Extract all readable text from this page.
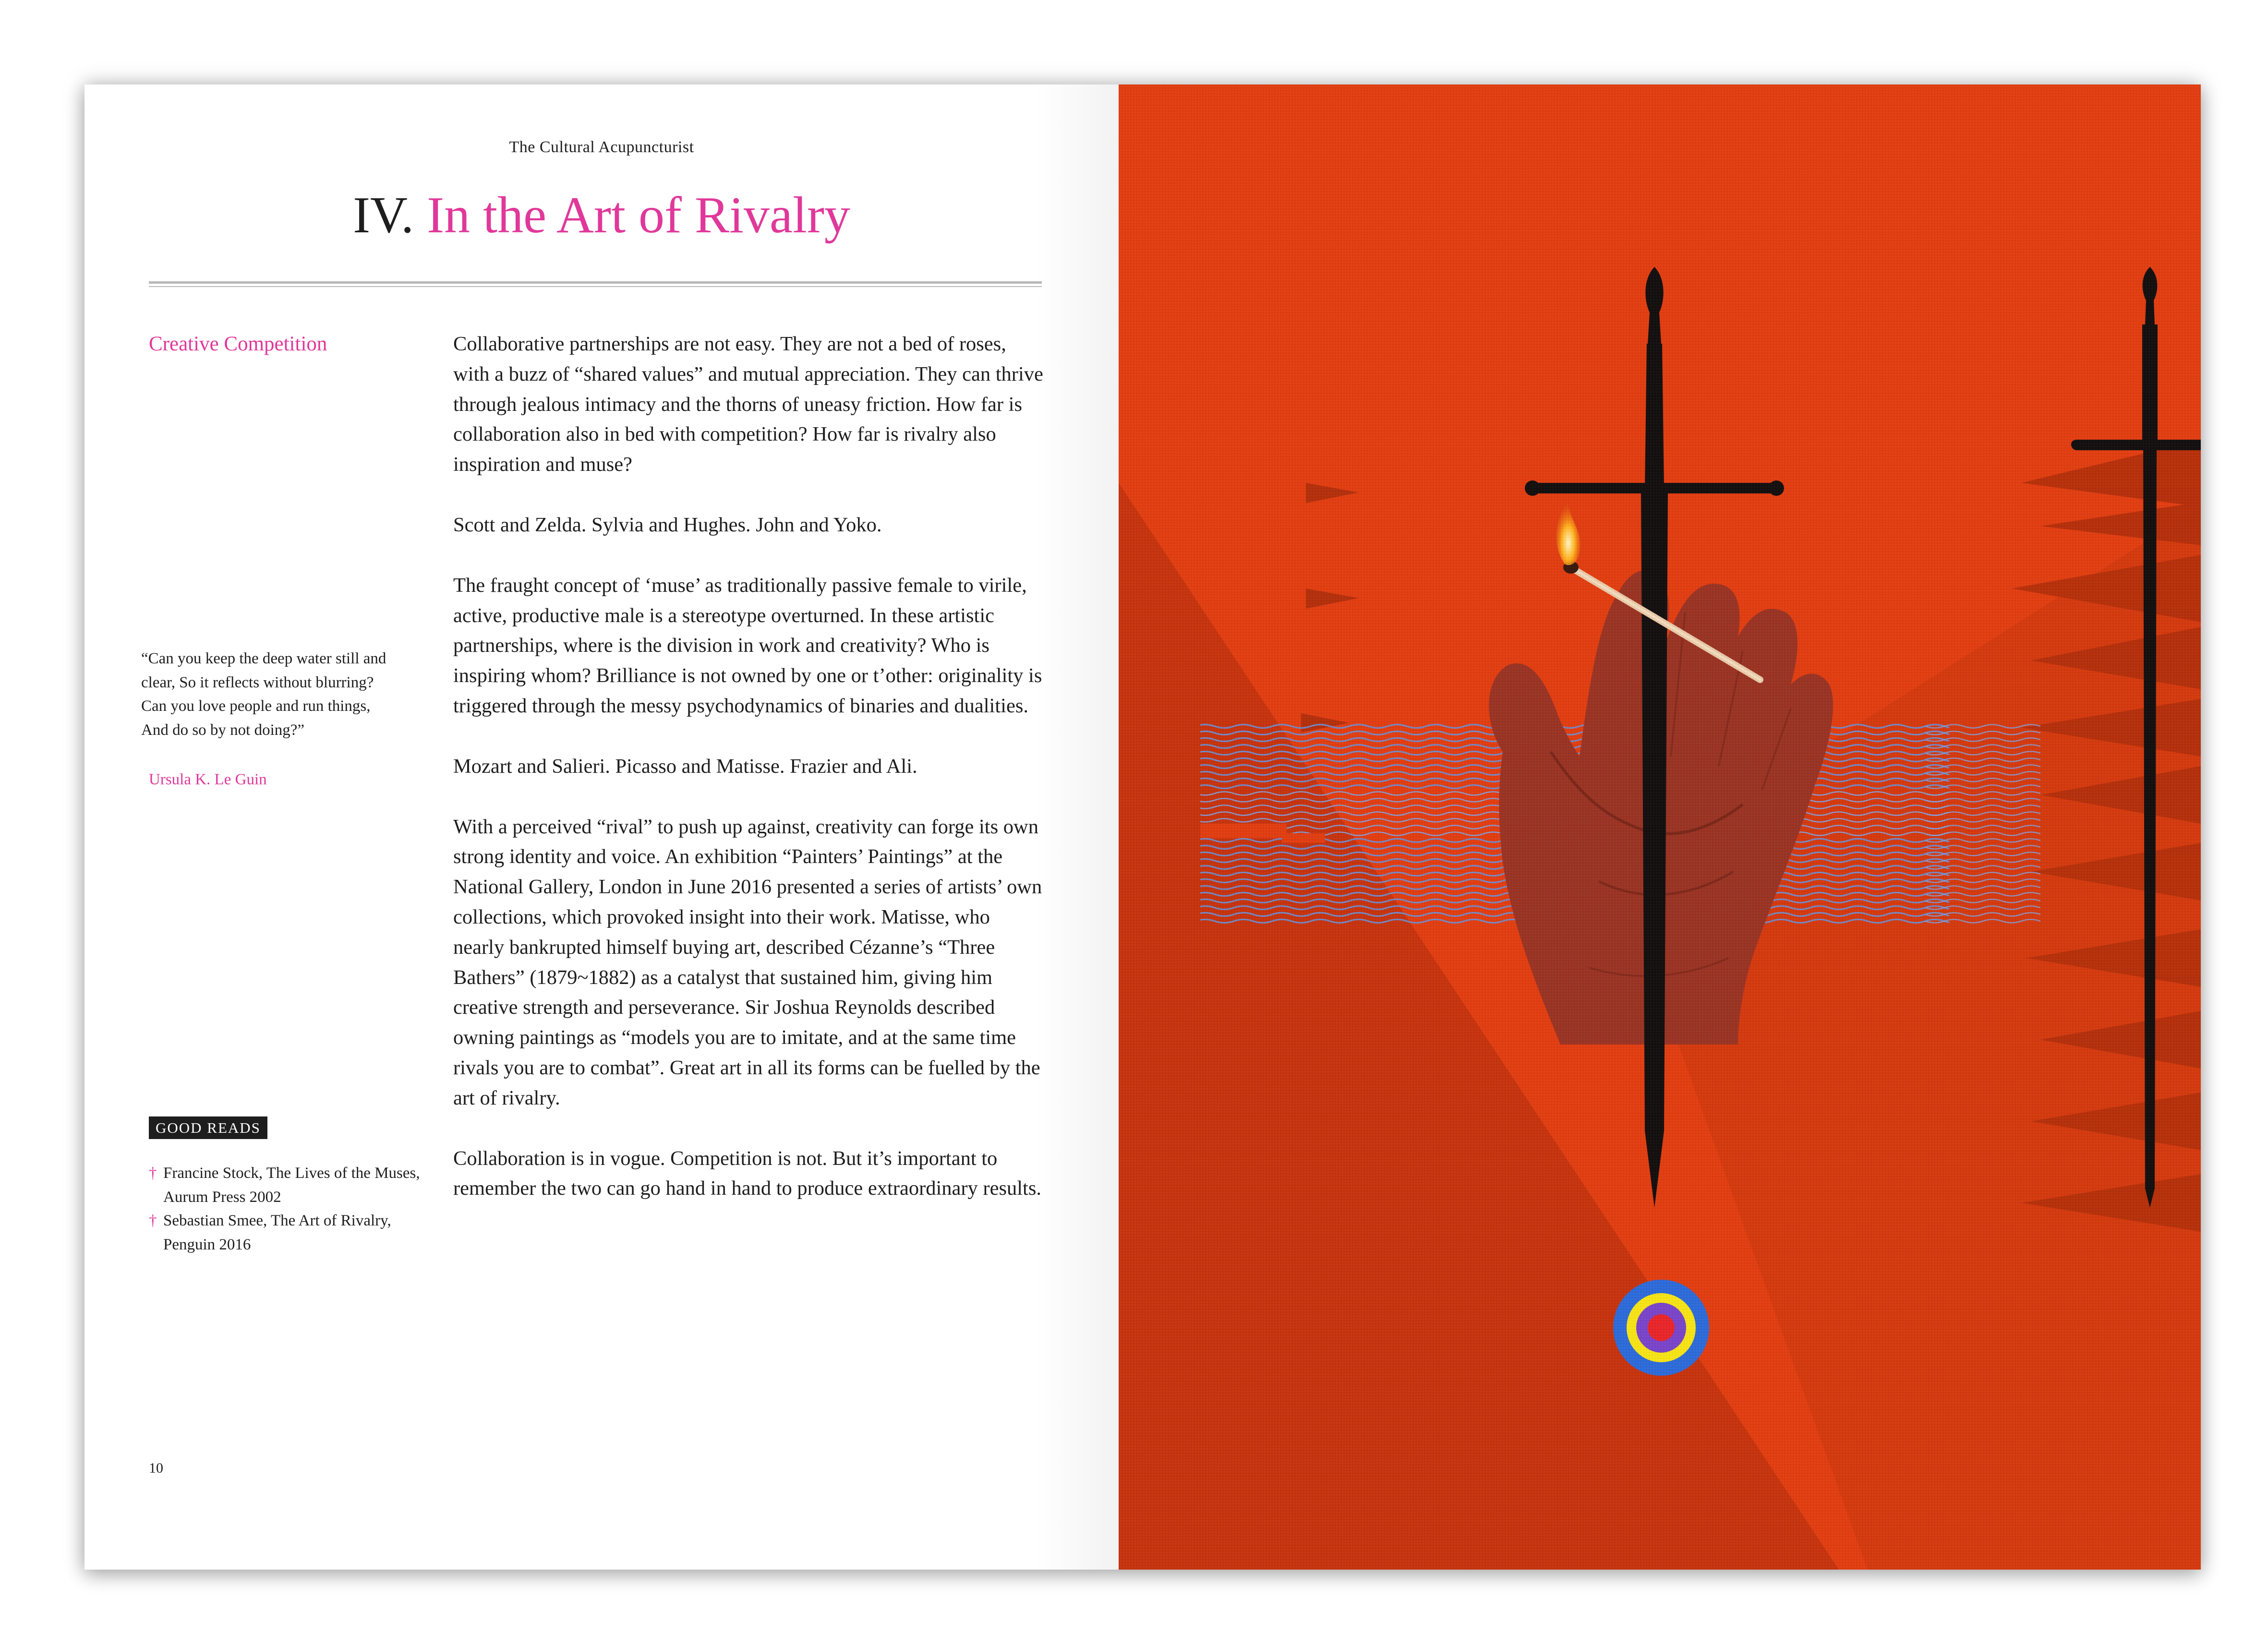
The Cultural Acupuncturist
IV. In the Art of Rivalry
Creative Competition	Collaborative partnerships are not easy. They are not a bed of roses, with a buzz of “shared values” and mutual appreciation. They can thrive through jealous intimacy and the thorns of uneasy friction. How far is collaboration also in bed with competition? How far is rivalry also inspiration and muse?

Scott and Zelda. Sylvia and Hughes. John and Yoko.

The fraught concept of ‘muse’ as traditionally passive female to virile, active, productive male is a stereotype overturned. In these artistic partnerships, where is the division in work and creativity? Who is inspiring whom? Brilliance is not owned by one or t’other: originality is triggered through the messy psychodynamics of binaries and dualities.

Mozart and Salieri. Picasso and Matisse. Frazier and Ali.

With a perceived “rival” to push up against, creativity can forge its own strong identity and voice. An exhibition “Painters’ Paintings” at the National Gallery, London in June 2016 presented a series of artists’ own collections, which provoked insight into their work. Matisse, who nearly bankrupted himself buying art, described Cézanne’s “Three Bathers” (1879~1882) as a catalyst that sustained him, giving him creative strength and perseverance. Sir Joshua Reynolds described owning paintings as “models you are to imitate, and at the same time rivals you are to combat”. Great art in all its forms can be fuelled by the art of rivalry.

Collaboration is in vogue. Competition is not. But it’s important to remember the two can go hand in hand to produce extraordinary results.

“Can you keep the deep water still and clear, So it reflects without blurring? Can you love people and run things, And do so by not doing?”
Ursula K. Le Guin
GOOD READS
† Francine Stock, The Lives of the Muses, Aurum Press 2002
† Sebastian Smee, The Art of Rivalry, Penguin 2016
10
